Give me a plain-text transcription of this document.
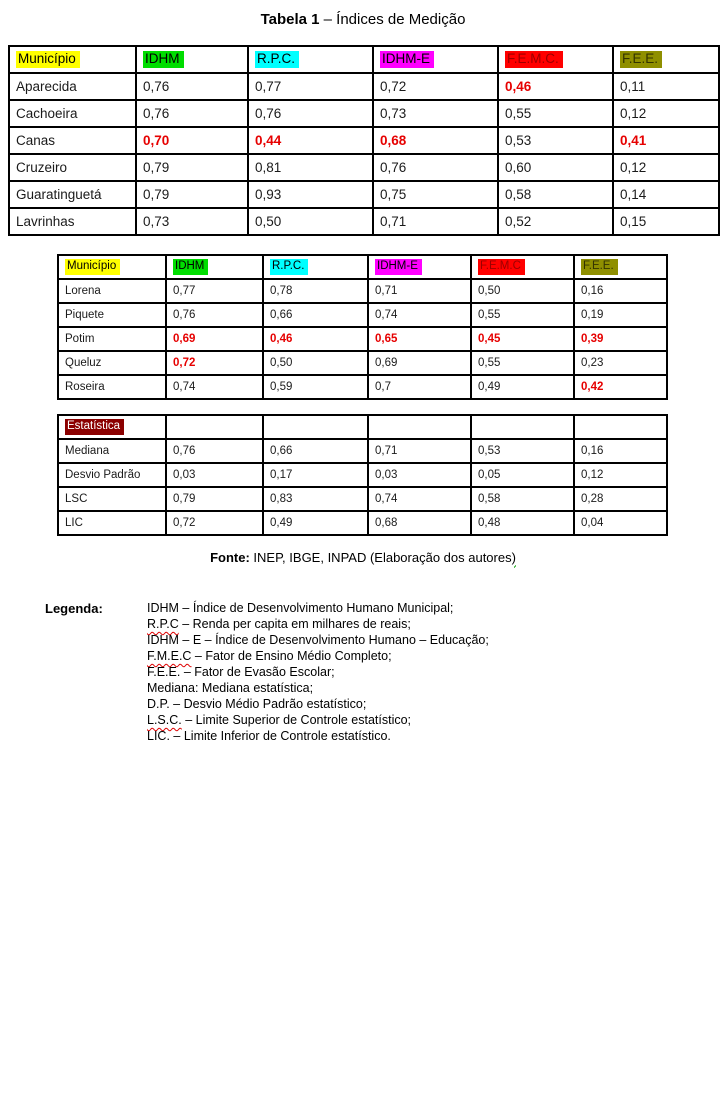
Tabela 1 – Índices de Medição
Município	IDHM	R.P.C.	IDHM-E	F.E.M.C.	F.E.E.
Aparecida	0,76	0,77	0,72	0,46	0,11
Cachoeira	0,76	0,76	0,73	0,55	0,12
Canas	0,70	0,44	0,68	0,53	0,41
Cruzeiro	0,79	0,81	0,76	0,60	0,12
Guaratinguetá	0,79	0,93	0,75	0,58	0,14
Lavrinhas	0,73	0,50	0,71	0,52	0,15
Município	IDHM	R.P.C.	IDHM-E	F.E.M.C	F.E.E.
Lorena	0,77	0,78	0,71	0,50	0,16
Piquete	0,76	0,66	0,74	0,55	0,19
Potim	0,69	0,46	0,65	0,45	0,39
Queluz	0,72	0,50	0,69	0,55	0,23
Roseira	0,74	0,59	0,7	0,49	0,42
Estatística					
Mediana	0,76	0,66	0,71	0,53	0,16
Desvio Padrão	0,03	0,17	0,03	0,05	0,12
LSC	0,79	0,83	0,74	0,58	0,28
LIC	0,72	0,49	0,68	0,48	0,04
Fonte: INEP, IBGE, INPAD (Elaboração dos autores)
Legenda:	IDHM – Índice de Desenvolvimento Humano Municipal;
R.P.C – Renda per capita em milhares de reais;
IDHM – E – Índice de Desenvolvimento Humano – Educação;
F.M.E.C – Fator de Ensino Médio Completo;
F.E.E. – Fator de Evasão Escolar;
Mediana: Mediana estatística;
D.P. – Desvio Médio Padrão estatístico;
L.S.C. – Limite Superior de Controle estatístico;
LIC. – Limite Inferior de Controle estatístico.
